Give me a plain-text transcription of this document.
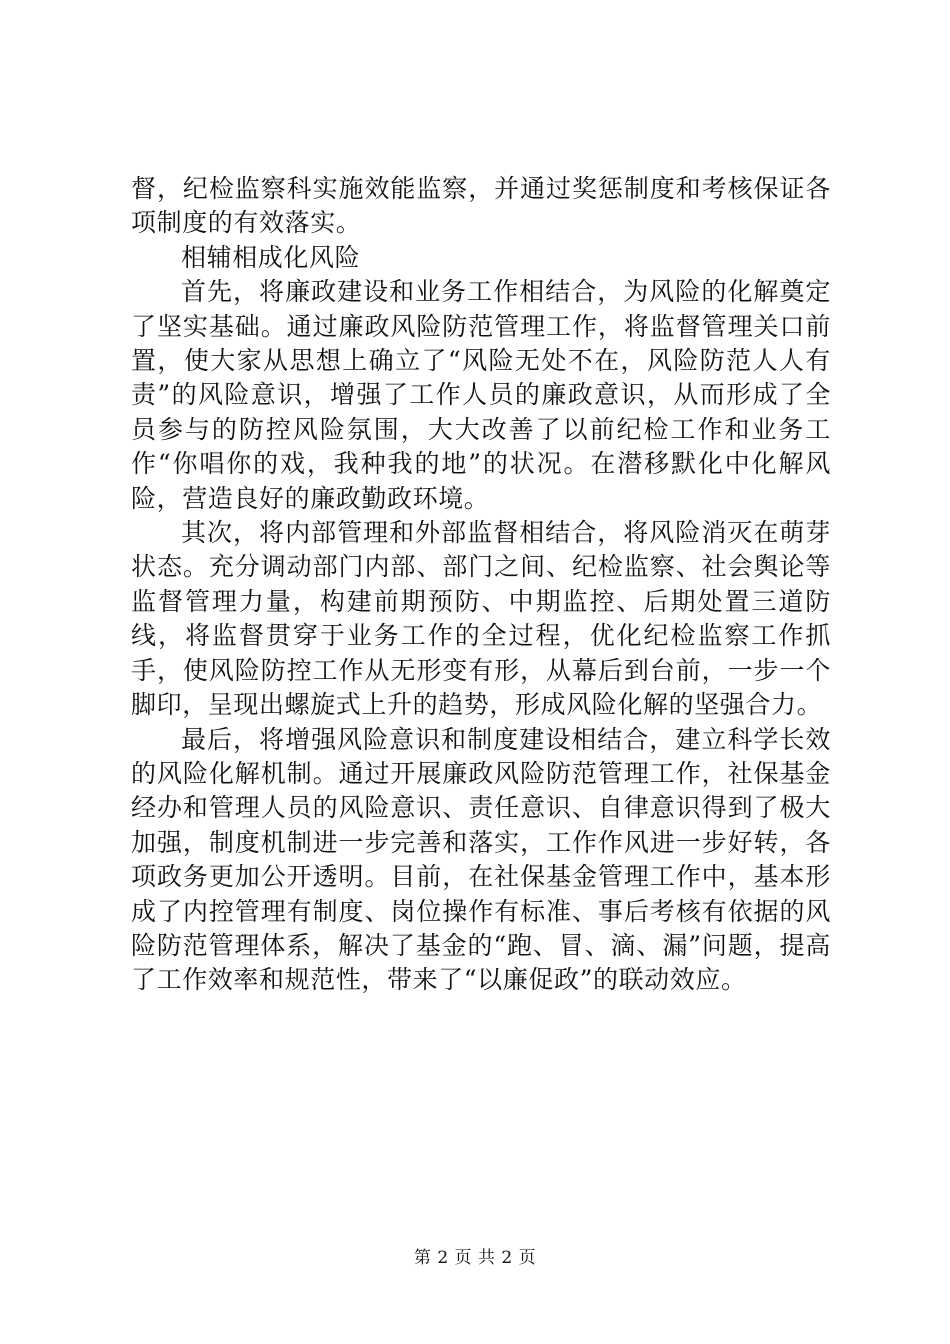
督，纪检监察科实施效能监察，并通过奖惩制度和考核保证各项制度的有效落实。

相辅相成化风险

首先，将廉政建设和业务工作相结合，为风险的化解奠定了坚实基础。通过廉政风险防范管理工作，将监督管理关口前置，使大家从思想上确立了“风险无处不在，风险防范人人有责”的风险意识，增强了工作人员的廉政意识，从而形成了全员参与的防控风险氛围，大大改善了以前纪检工作和业务工作“你唱你的戏，我种我的地”的状况。在潜移默化中化解风险，营造良好的廉政勤政环境。

其次，将内部管理和外部监督相结合，将风险消灭在萌芽状态。充分调动部门内部、部门之间、纪检监察、社会舆论等监督管理力量，构建前期预防、中期监控、后期处置三道防线，将监督贯穿于业务工作的全过程，优化纪检监察工作抓手，使风险防控工作从无形变有形，从幕后到台前，一步一个脚印，呈现出螺旋式上升的趋势，形成风险化解的坚强合力。

最后，将增强风险意识和制度建设相结合，建立科学长效的风险化解机制。通过开展廉政风险防范管理工作，社保基金经办和管理人员的风险意识、责任意识、自律意识得到了极大加强，制度机制进一步完善和落实，工作作风进一步好转，各项政务更加公开透明。目前，在社保基金管理工作中，基本形成了内控管理有制度、岗位操作有标准、事后考核有依据的风险防范管理体系，解决了基金的“跑、冒、滴、漏”问题，提高了工作效率和规范性，带来了“以廉促政”的联动效应。

第 2 页 共 2 页
